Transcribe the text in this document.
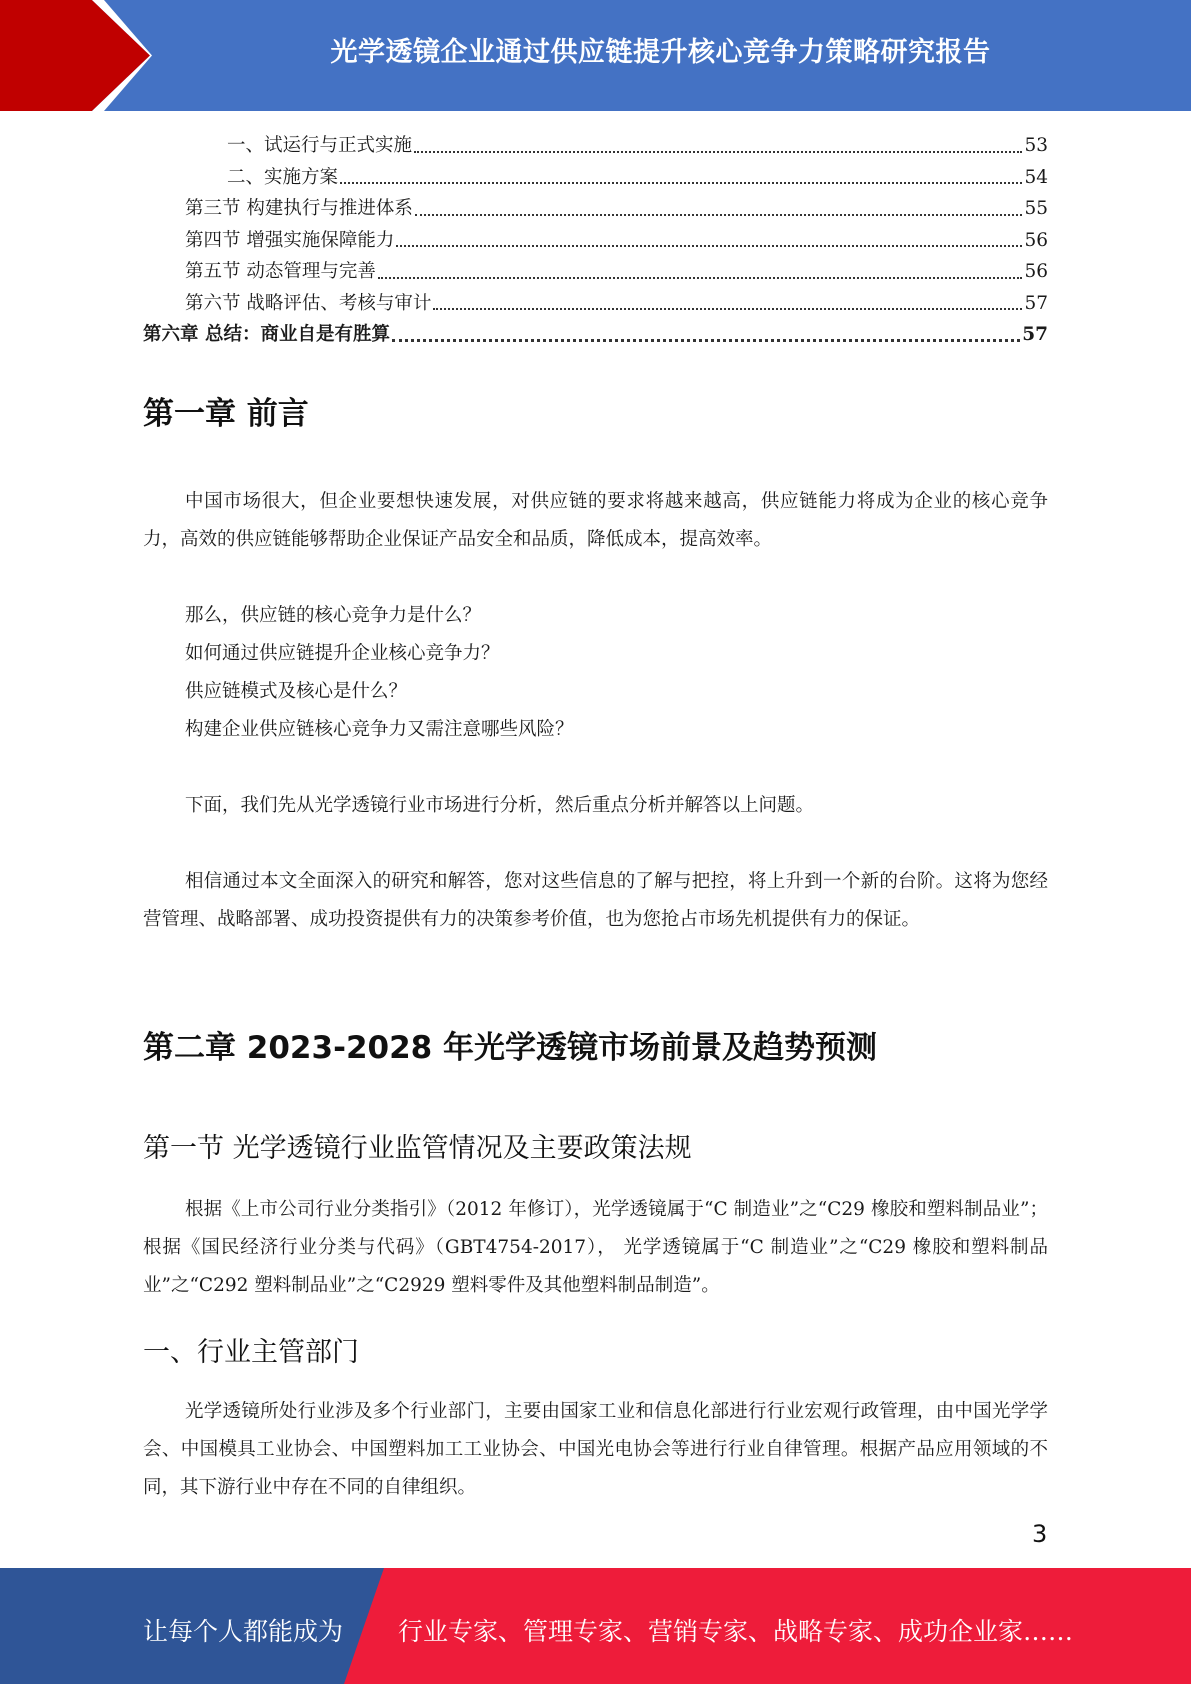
光学透镜企业通过供应链提升核心竞争力策略研究报告
一、试运行与正式实施	53
二、实施方案	54
第三节 构建执行与推进体系	55
第四节 增强实施保障能力	56
第五节 动态管理与完善	56
第六节 战略评估、考核与审计	57
第六章 总结：商业自是有胜算	57
第一章 前言

中国市场很大，但企业要想快速发展，对供应链的要求将越来越高，供应链能力将成为企业的核心竞争力，高效的供应链能够帮助企业保证产品安全和品质，降低成本，提高效率。

那么，供应链的核心竞争力是什么？
如何通过供应链提升企业核心竞争力？
供应链模式及核心是什么？
构建企业供应链核心竞争力又需注意哪些风险？

下面，我们先从光学透镜行业市场进行分析，然后重点分析并解答以上问题。

相信通过本文全面深入的研究和解答，您对这些信息的了解与把控，将上升到一个新的台阶。这将为您经营管理、战略部署、成功投资提供有力的决策参考价值，也为您抢占市场先机提供有力的保证。

第二章 2023-2028 年光学透镜市场前景及趋势预测
第一节 光学透镜行业监管情况及主要政策法规

根据《上市公司行业分类指引》（2012 年修订），光学透镜属于“C 制造业”之“C29 橡胶和塑料制品业”；根据《国民经济行业分类与代码》（GBT4754-2017）， 光学透镜属于“C 制造业”之“C29 橡胶和塑料制品业”之“C292 塑料制品业”之“C2929 塑料零件及其他塑料制品制造”。

一、行业主管部门

光学透镜所处行业涉及多个行业部门，主要由国家工业和信息化部进行行业宏观行政管理，由中国光学学会、中国模具工业协会、中国塑料加工工业协会、中国光电协会等进行行业自律管理。根据产品应用领域的不同，其下游行业中存在不同的自律组织。

3
让每个人都能成为 行业专家、管理专家、营销专家、战略专家、成功企业家……
